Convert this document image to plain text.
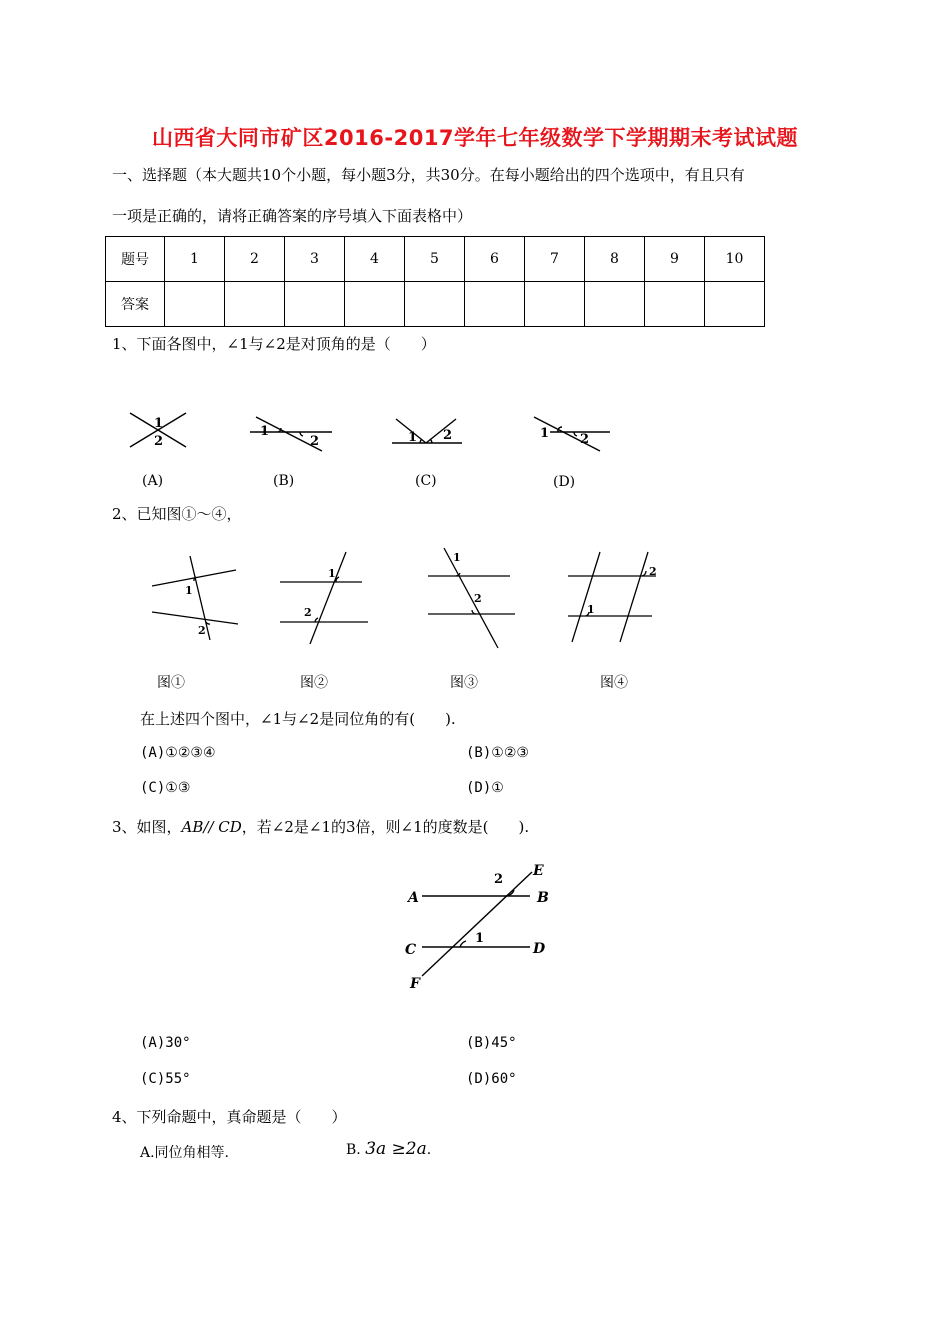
山西省大同市矿区2016-2017学年七年级数学下学期期末考试试题
一、选择题（本大题共10个小题，每小题3分，共30分。在每小题给出的四个选项中，有且只有
一项是正确的，请将正确答案的序号填入下面表格中）
题号	1	2	3	4	5	6	7	8	9	10
答案										
1、下面各图中，∠1与∠2是对顶角的是（　　）
1
2
1
2	1 2	1 2
(A)	(B)	(C)	(D)
2、已知图①～④，
1
2
1
2
1
2
1
2
图①	图②	图③	图④
在上述四个图中，∠1与∠2是同位角的有(　　).
(A)①②③④	(B)①②③
(C)①③	(D)①
3、如图，AB// CD，若∠2是∠1的3倍，则∠1的度数是(　　).
A	B
C	D
E
F
1
2
(A)30°	(B)45°
(C)55°	(D)60°
4、下列命题中，真命题是（　　）
A.同位角相等.	B. 3a ≥2a.
